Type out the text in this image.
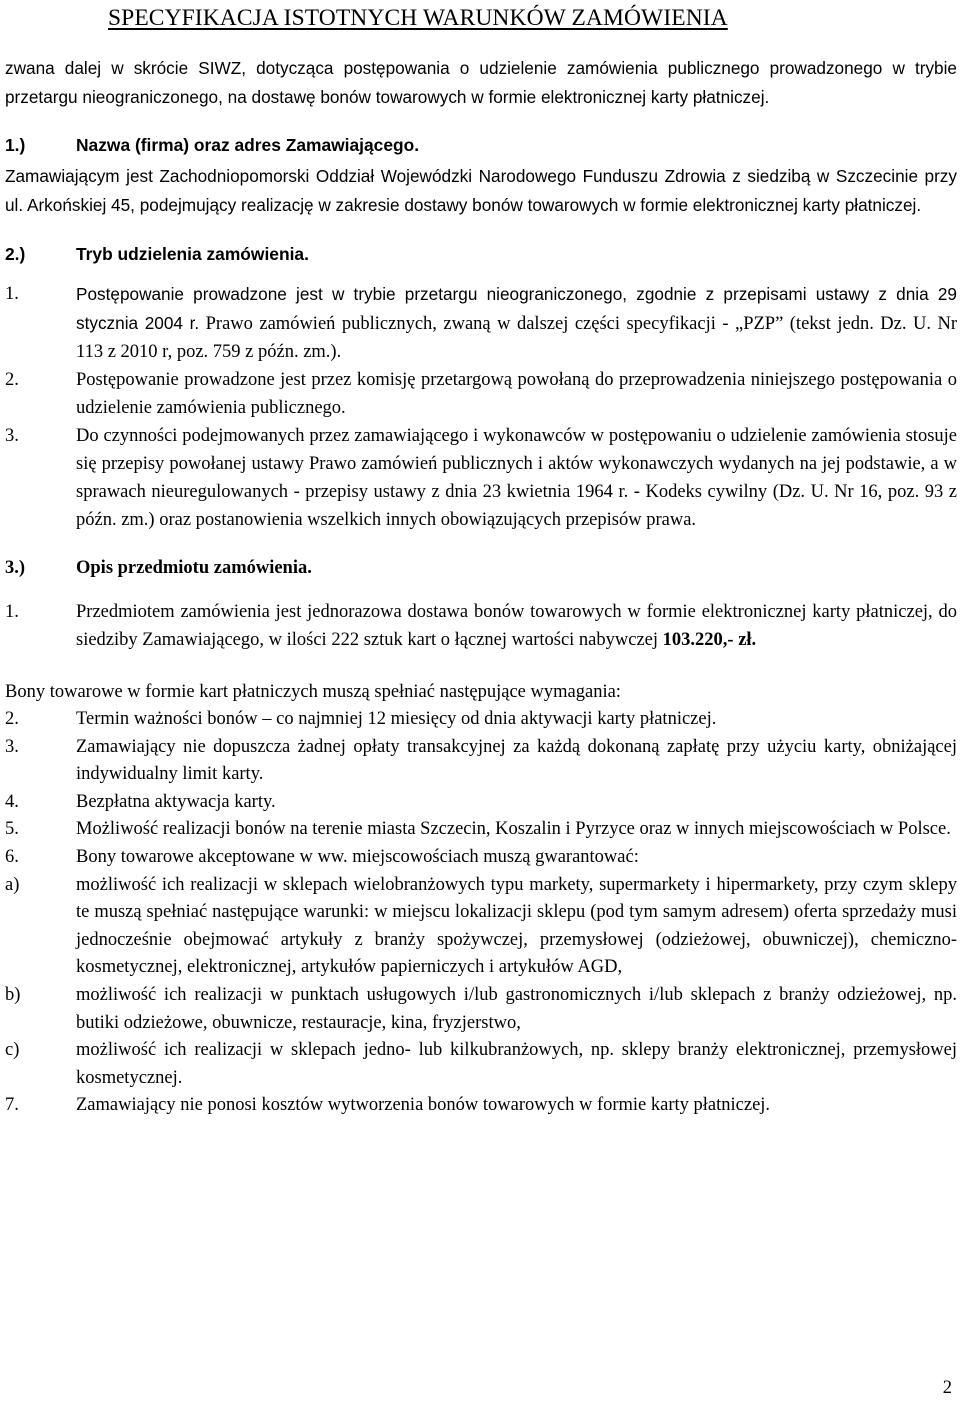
SPECYFIKACJA ISTOTNYCH WARUNKÓW ZAMÓWIENIA

zwana dalej w skrócie SIWZ, dotycząca postępowania o udzielenie zamówienia publicznego prowadzonego w trybie przetargu nieograniczonego, na dostawę bonów towarowych w formie elektronicznej karty płatniczej.

1.)	Nazwa (firma) oraz adres Zamawiającego.

Zamawiającym jest Zachodniopomorski Oddział Wojewódzki Narodowego Funduszu Zdrowia z siedzibą w Szczecinie przy ul. Arkońskiej 45, podejmujący realizację w zakresie dostawy bonów towarowych w formie elektronicznej karty płatniczej.

2.)	Tryb udzielenia zamówienia.
1.	Postępowanie prowadzone jest w trybie przetargu nieograniczonego, zgodnie z przepisami ustawy z dnia 29 stycznia 2004 r. Prawo zamówień publicznych, zwaną w dalszej części specyfikacji - „PZP” (tekst jedn. Dz. U. Nr 113 z 2010 r, poz. 759 z późn. zm.).
2.	Postępowanie prowadzone jest przez komisję przetargową powołaną do przeprowadzenia niniejszego postępowania o udzielenie zamówienia publicznego.
3.	Do czynności podejmowanych przez zamawiającego i wykonawców w postępowaniu o udzielenie zamówienia stosuje się przepisy powołanej ustawy Prawo zamówień publicznych i aktów wykonawczych wydanych na jej podstawie, a w sprawach nieuregulowanych - przepisy ustawy z dnia 23 kwietnia 1964 r. - Kodeks cywilny (Dz. U. Nr 16, poz. 93 z późn. zm.) oraz postanowienia wszelkich innych obowiązujących przepisów prawa.
3.)	Opis przedmiotu zamówienia.
1.	Przedmiotem zamówienia jest jednorazowa dostawa bonów towarowych w formie elektronicznej karty płatniczej, do siedziby Zamawiającego, w ilości 222 sztuk kart o łącznej wartości nabywczej 103.220,- zł.

Bony towarowe w formie kart płatniczych muszą spełniać następujące wymagania:

2.	Termin ważności bonów – co najmniej 12 miesięcy od dnia aktywacji karty płatniczej.
3.	Zamawiający nie dopuszcza żadnej opłaty transakcyjnej za każdą dokonaną zapłatę przy użyciu karty, obniżającej indywidualny limit karty.
4.	Bezpłatna aktywacja karty.
5.	Możliwość realizacji bonów na terenie miasta Szczecin, Koszalin i Pyrzyce oraz w innych miejscowościach w Polsce.
6.	Bony towarowe akceptowane w ww. miejscowościach muszą gwarantować:
a)	możliwość ich realizacji w sklepach wielobranżowych typu markety, supermarkety i hipermarkety, przy czym sklepy te muszą spełniać następujące warunki: w miejscu lokalizacji sklepu (pod tym samym adresem) oferta sprzedaży musi jednocześnie obejmować artykuły z branży spożywczej, przemysłowej (odzieżowej, obuwniczej), chemiczno-kosmetycznej, elektronicznej, artykułów papierniczych i artykułów AGD,
b)	możliwość ich realizacji w punktach usługowych i/lub gastronomicznych i/lub sklepach z branży odzieżowej, np. butiki odzieżowe, obuwnicze, restauracje, kina, fryzjerstwo,
c)	możliwość ich realizacji w sklepach jedno- lub kilkubranżowych, np. sklepy branży elektronicznej, przemysłowej kosmetycznej.
7.	Zamawiający nie ponosi kosztów wytworzenia bonów towarowych w formie karty płatniczej.
2
